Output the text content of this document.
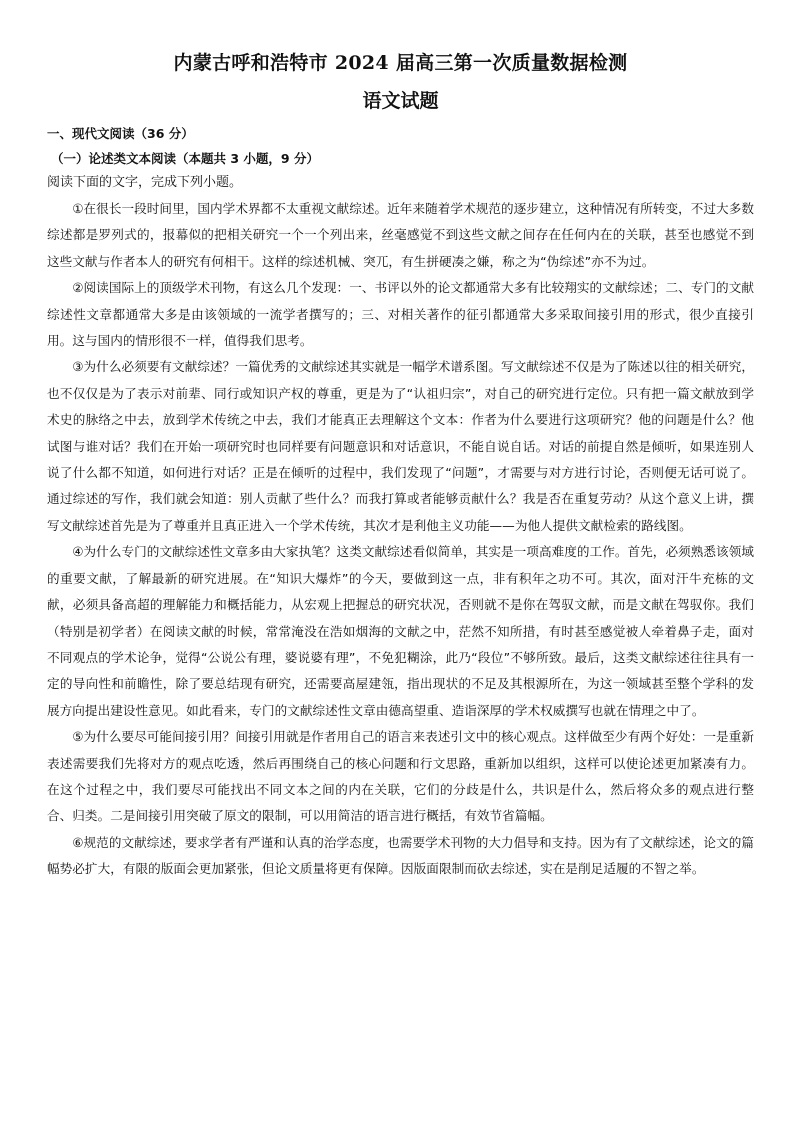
内蒙古呼和浩特市 2024 届高三第一次质量数据检测
语文试题
一、现代文阅读（36 分）
（一）论述类文本阅读（本题共 3 小题，9 分）
阅读下面的文字，完成下列小题。

①在很长一段时间里，国内学术界都不太重视文献综述。近年来随着学术规范的逐步建立，这种情况有所转变，不过大多数综述都是罗列式的，报幕似的把相关研究一个一个列出来，丝毫感觉不到这些文献之间存在任何内在的关联，甚至也感觉不到这些文献与作者本人的研究有何相干。这样的综述机械、突兀，有生拼硬凑之嫌，称之为“伪综述”亦不为过。

②阅读国际上的顶级学术刊物，有这么几个发现：一、书评以外的论文都通常大多有比较翔实的文献综述；二、专门的文献综述性文章都通常大多是由该领域的一流学者撰写的；三、对相关著作的征引都通常大多采取间接引用的形式，很少直接引用。这与国内的情形很不一样，值得我们思考。

③为什么必须要有文献综述？一篇优秀的文献综述其实就是一幅学术谱系图。写文献综述不仅是为了陈述以往的相关研究，也不仅仅是为了表示对前辈、同行或知识产权的尊重，更是为了“认祖归宗”，对自己的研究进行定位。只有把一篇文献放到学术史的脉络之中去，放到学术传统之中去，我们才能真正去理解这个文本：作者为什么要进行这项研究？他的问题是什么？他试图与谁对话？我们在开始一项研究时也同样要有问题意识和对话意识，不能自说自话。对话的前提自然是倾听，如果连别人说了什么都不知道，如何进行对话？正是在倾听的过程中，我们发现了“问题”，才需要与对方进行讨论，否则便无话可说了。通过综述的写作，我们就会知道：别人贡献了些什么？而我打算或者能够贡献什么？我是否在重复劳动？从这个意义上讲，撰写文献综述首先是为了尊重并且真正进入一个学术传统，其次才是利他主义功能——为他人提供文献检索的路线图。

④为什么专门的文献综述性文章多由大家执笔？这类文献综述看似简单，其实是一项高难度的工作。首先，必须熟悉该领域的重要文献，了解最新的研究进展。在“知识大爆炸”的今天，要做到这一点，非有积年之功不可。其次，面对汗牛充栋的文献，必须具备高超的理解能力和概括能力，从宏观上把握总的研究状况，否则就不是你在驾驭文献，而是文献在驾驭你。我们（特别是初学者）在阅读文献的时候，常常淹没在浩如烟海的文献之中，茫然不知所措，有时甚至感觉被人牵着鼻子走，面对不同观点的学术论争，觉得“公说公有理，婆说婆有理”，不免犯糊涂，此乃“段位”不够所致。最后，这类文献综述往往具有一定的导向性和前瞻性，除了要总结现有研究，还需要高屋建瓴，指出现状的不足及其根源所在，为这一领域甚至整个学科的发展方向提出建设性意见。如此看来，专门的文献综述性文章由德高望重、造诣深厚的学术权威撰写也就在情理之中了。

⑤为什么要尽可能间接引用？间接引用就是作者用自己的语言来表述引文中的核心观点。这样做至少有两个好处：一是重新表述需要我们先将对方的观点吃透，然后再围绕自己的核心问题和行文思路，重新加以组织，这样可以使论述更加紧凑有力。在这个过程之中，我们要尽可能找出不同文本之间的内在关联，它们的分歧是什么，共识是什么，然后将众多的观点进行整合、归类。二是间接引用突破了原文的限制，可以用简洁的语言进行概括，有效节省篇幅。

⑥规范的文献综述，要求学者有严谨和认真的治学态度，也需要学术刊物的大力倡导和支持。因为有了文献综述，论文的篇幅势必扩大，有限的版面会更加紧张，但论文质量将更有保障。因版面限制而砍去综述，实在是削足适履的不智之举。
